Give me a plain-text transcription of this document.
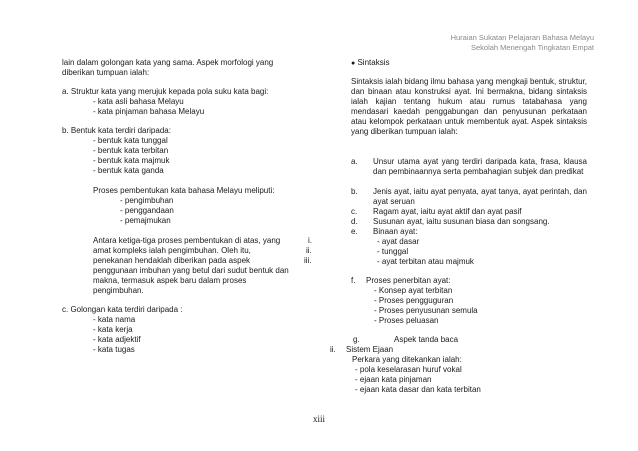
Huraian Sukatan Pelajaran Bahasa Melayu
Sekolah Menengah Tingkatan Empat
lain dalam golongan kata yang sama. Aspek morfologi yang
diberikan tumpuan ialah:
a. Struktur kata yang merujuk kepada pola suku kata bagi:
- kata asli bahasa Melayu
- kata pinjaman bahasa Melayu
b. Bentuk kata terdiri daripada:
- bentuk kata tunggal
- bentuk kata terbitan
- bentuk kata majmuk
- bentuk kata ganda
Proses pembentukan kata bahasa Melayu meliputi:
- pengimbuhan
- penggandaan
- pemajmukan
Antara ketiga-tiga proses pembentukan di atas, yang
amat kompleks ialah pengimbuhan. Oleh itu,
penekanan hendaklah diberikan pada aspek
penggunaan imbuhan yang betul dari sudut bentuk dan
makna, termasuk aspek baru dalam proses
pengimbuhan.
c. Golongan kata terdiri daripada :
- kata nama
- kata kerja
- kata adjektif
- kata tugas
i.
ii.
iii.
● Sintaksis
Sintaksis ialah bidang ilmu bahasa yang mengkaji bentuk, struktur, dan binaan atau konstruksi ayat. Ini bermakna, bidang sintaksis ialah kajian tentang hukum atau rumus tatabahasa yang mendasari kaedah penggabungan dan penyusunan perkataan atau kelompok perkataan untuk membentuk ayat. Aspek sintaksis yang diberikan tumpuan ialah:
a. Unsur utama ayat yang terdiri daripada kata, frasa, klausa dan pembinaannya serta pembahagian subjek dan predikat
b. Jenis ayat, iaitu ayat penyata, ayat tanya, ayat perintah, dan ayat seruan
c. Ragam ayat, iaitu ayat aktif dan ayat pasif
d. Susunan ayat, iaitu susunan biasa dan songsang.
e. Binaan ayat:
- ayat dasar
- tunggal
- ayat terbitan atau majmuk
f. Proses penerbitan ayat:
- Konsep ayat terbitan
- Proses pengguguran
- Proses penyusunan semula
- Proses peluasan
g.	Aspek tanda baca
ii. Sistem Ejaan
Perkara yang ditekankan ialah:
- pola keselarasan huruf vokal
- ejaan kata pinjaman
- ejaan kata dasar dan kata terbitan
xiii
